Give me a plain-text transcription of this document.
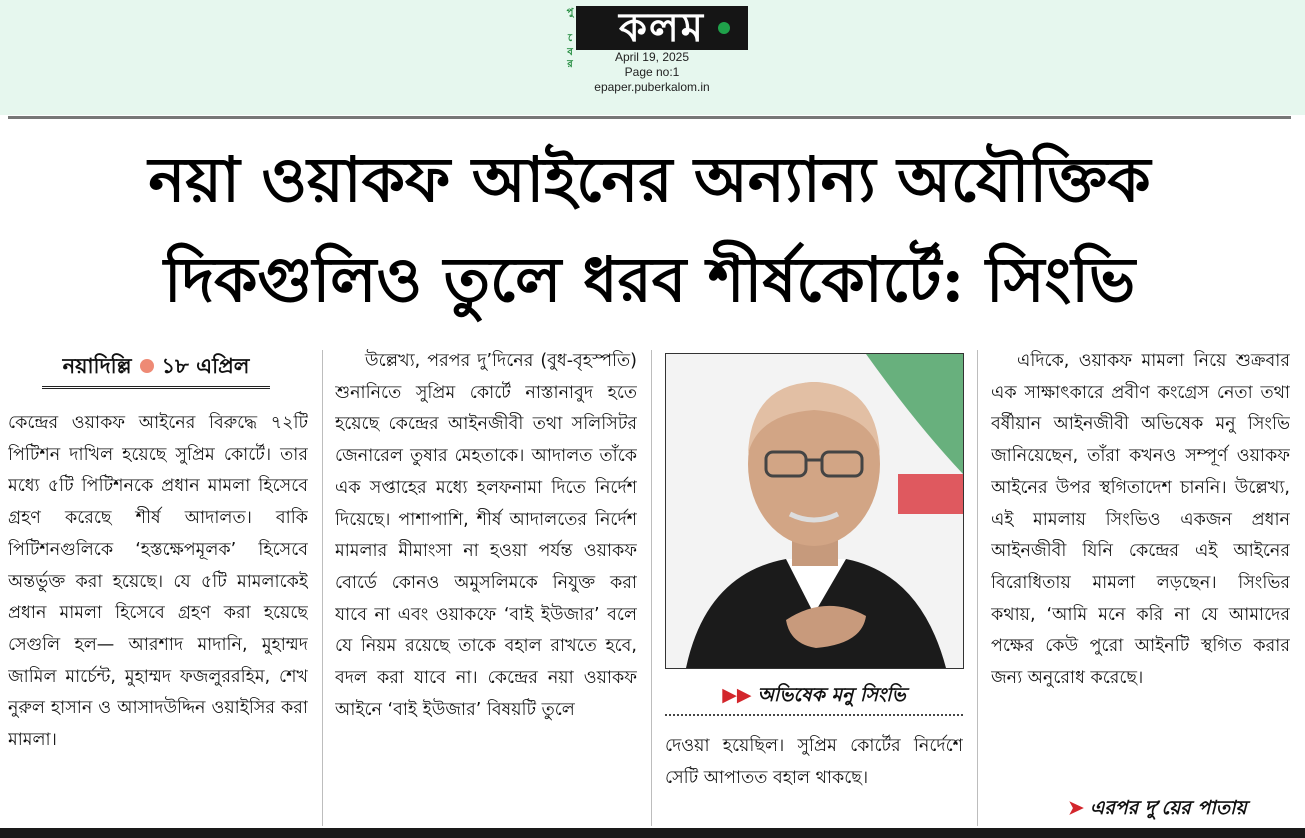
পুবের	কলম
April 19, 2025
Page no:1
epaper.puberkalom.in
নয়া ওয়াকফ আইনের অন্যান্য অযৌক্তিক
দিকগুলিও তুলে ধরব শীর্ষকোর্টে: সিংভি
নয়াদিল্লি ১৮ এপ্রিল
কেন্দ্রের ওয়াকফ আইনের বিরুদ্ধে ৭২টি পিটিশন দাখিল হয়েছে সুপ্রিম কোর্টে। তার মধ্যে ৫টি পিটিশনকে প্রধান মামলা হিসেবে গ্রহণ করেছে শীর্ষ আদালত। বাকি পিটিশনগুলিকে ‘হস্তক্ষেপমূলক’ হিসেবে অন্তর্ভুক্ত করা হয়েছে। যে ৫টি মামলাকেই প্রধান মামলা হিসেবে গ্রহণ করা হয়েছে সেগুলি হল— আরশাদ মাদানি, মুহাম্মদ জামিল মার্চেন্ট, মুহাম্মদ ফজলুররহিম, শেখ নুরুল হাসান ও আসাদউদ্দিন ওয়াইসির করা মামলা।
উল্লেখ্য, পরপর দু’দিনের (বুধ-বৃহস্পতি) শুনানিতে সুপ্রিম কোর্টে নাস্তানাবুদ হতে হয়েছে কেন্দ্রের আইনজীবী তথা সলিসিটর জেনারেল তুষার মেহতাকে। আদালত তাঁকে এক সপ্তাহের মধ্যে হলফনামা দিতে নির্দেশ দিয়েছে। পাশাপাশি, শীর্ষ আদালতের নির্দেশ মামলার মীমাংসা না হওয়া পর্যন্ত ওয়াকফ বোর্ডে কোনও অমুসলিমকে নিযুক্ত করা যাবে না এবং ওয়াকফে ‘বাই ইউজার’ বলে যে নিয়ম রয়েছে তাকে বহাল রাখতে হবে, বদল করা যাবে না। কেন্দ্রের নয়া ওয়াকফ আইনে ‘বাই ইউজার’ বিষয়টি তুলে
▶▶ অভিষেক মনু সিংভি
দেওয়া হয়েছিল। সুপ্রিম কোর্টের নির্দেশে সেটি আপাতত বহাল থাকছে।
এদিকে, ওয়াকফ মামলা নিয়ে শুক্রবার এক সাক্ষাৎকারে প্রবীণ কংগ্রেস নেতা তথা বর্ষীয়ান আইনজীবী অভিষেক মনু সিংভি জানিয়েছেন, তাঁরা কখনও সম্পূর্ণ ওয়াকফ আইনের উপর স্থগিতাদেশ চাননি। উল্লেখ্য, এই মামলায় সিংভিও একজন প্রধান আইনজীবী যিনি কেন্দ্রের এই আইনের বিরোধিতায় মামলা লড়ছেন। সিংভির কথায়, ‘আমি মনে করি না যে আমাদের পক্ষের কেউ পুরো আইনটি স্থগিত করার জন্য অনুরোধ করেছে।
➤ এরপর দু’য়ের পাতায়
